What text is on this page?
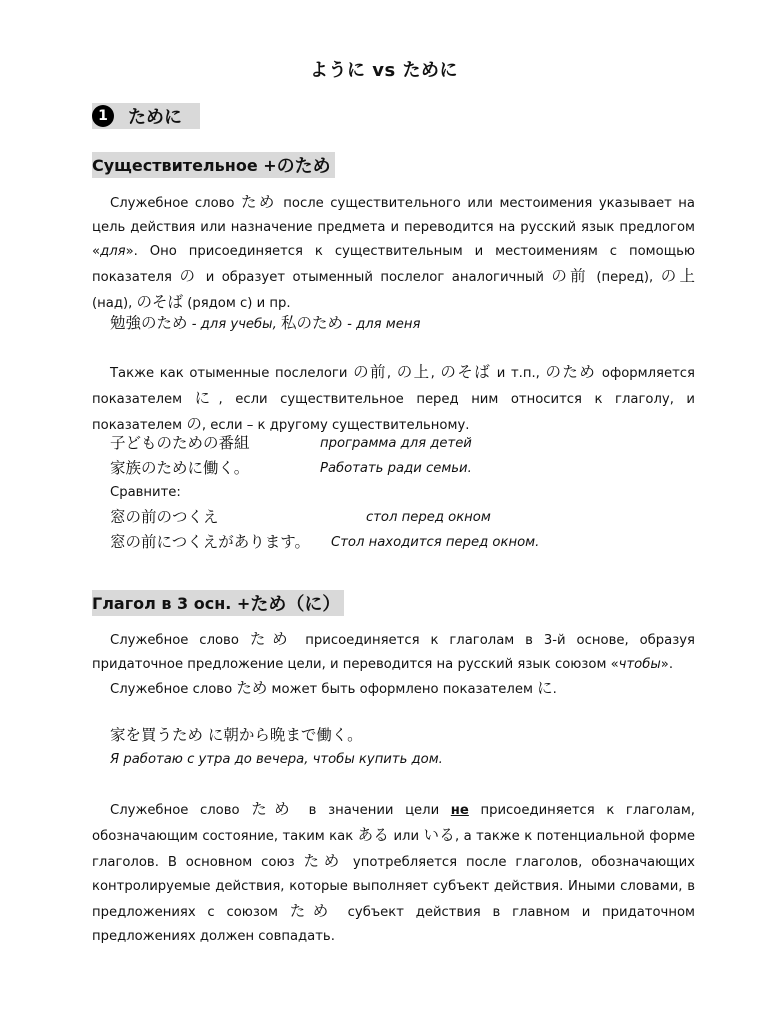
ように vs ために
1	ために
Существительное + のため
Служебное слово ため после существительного или местоимения указывает на цель действия или назначение предмета и переводится на русский язык предлогом «для». Оно присоединяется к существительным и местоимениям с помощью показателя の и образует отыменный послелог аналогичный の前 (перед), の上 (над), のそば (рядом с) и пр.
勉強のため - для учебы, 私のため - для меня
Также как отыменные послелоги の前, の上, のそば и т.п., のため оформляется показателем に, если существительное перед ним относится к глаголу, и показателем の, если – к другому существительному.
子どものための番組	программа для детей
家族のために働く。	Работать ради семьи.
Сравните:
窓の前のつくえ	стол перед окном
窓の前につくえがあります。 Стол находится перед окном.
Глагол в 3 осн. + ため（に）
Служебное слово ため присоединяется к глаголам в 3-й основе, образуя придаточное предложение цели, и переводится на русский язык союзом «чтобы».
Служебное слово ため может быть оформлено показателем に.
家を買うため に朝から晩まで働く。
Я работаю с утра до вечера, чтобы купить дом.
Служебное слово ため в значении цели не присоединяется к глаголам, обозначающим состояние, таким как ある или いる, а также к потенциальной форме глаголов. В основном союз ため употребляется после глаголов, обозначающих контролируемые действия, которые выполняет субъект действия. Иными словами, в предложениях с союзом ため субъект действия в главном и придаточном предложениях должен совпадать.
